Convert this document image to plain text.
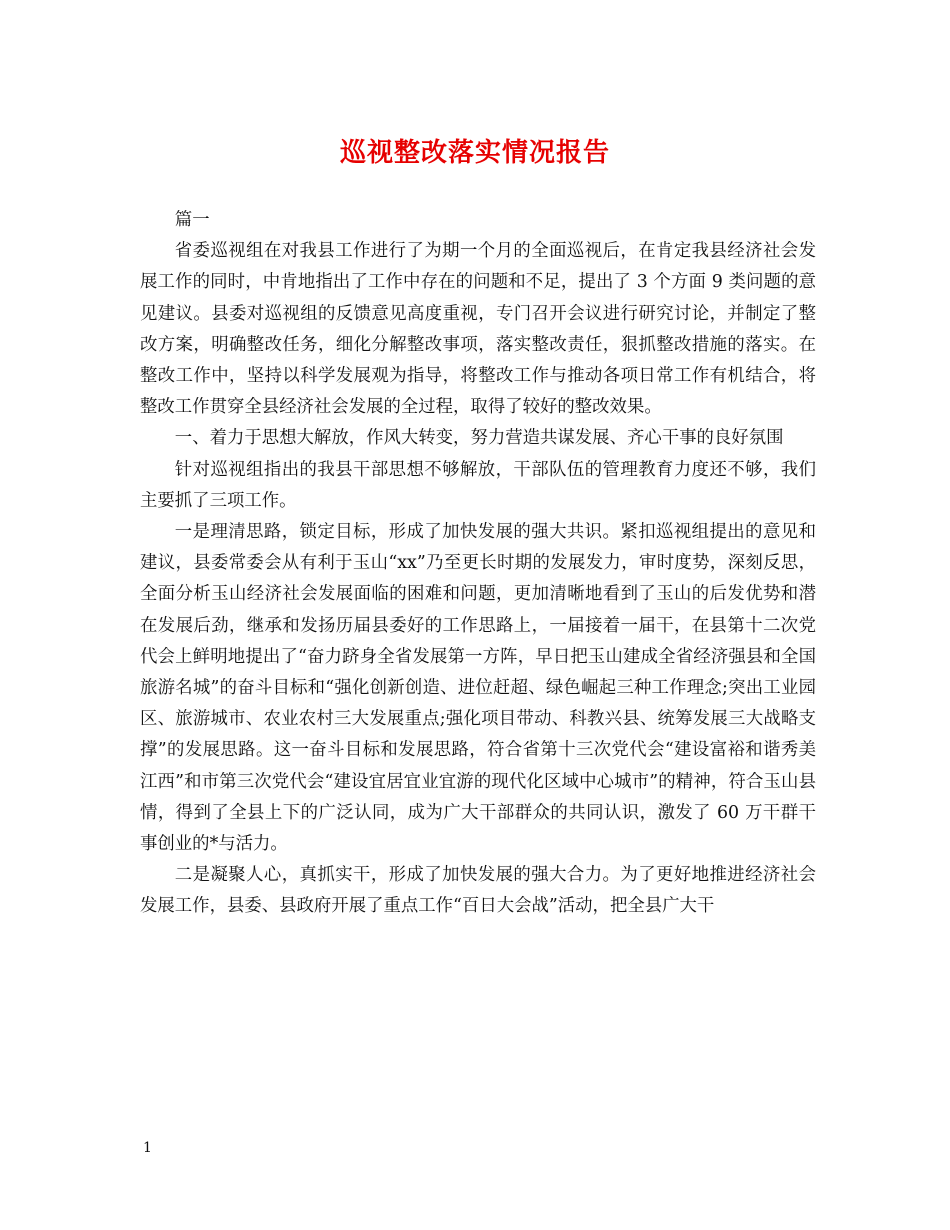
巡视整改落实情况报告

篇一

省委巡视组在对我县工作进行了为期一个月的全面巡视后，在肯定我县经济社会发展工作的同时，中肯地指出了工作中存在的问题和不足，提出了 3 个方面 9 类问题的意见建议。县委对巡视组的反馈意见高度重视，专门召开会议进行研究讨论，并制定了整改方案，明确整改任务，细化分解整改事项，落实整改责任，狠抓整改措施的落实。在整改工作中，坚持以科学发展观为指导，将整改工作与推动各项日常工作有机结合，将整改工作贯穿全县经济社会发展的全过程，取得了较好的整改效果。

一、着力于思想大解放，作风大转变，努力营造共谋发展、齐心干事的良好氛围

针对巡视组指出的我县干部思想不够解放，干部队伍的管理教育力度还不够，我们主要抓了三项工作。

一是理清思路，锁定目标，形成了加快发展的强大共识。紧扣巡视组提出的意见和建议，县委常委会从有利于玉山“xx”乃至更长时期的发展发力，审时度势，深刻反思，全面分析玉山经济社会发展面临的困难和问题，更加清晰地看到了玉山的后发优势和潜在发展后劲，继承和发扬历届县委好的工作思路上，一届接着一届干，在县第十二次党代会上鲜明地提出了“奋力跻身全省发展第一方阵，早日把玉山建成全省经济强县和全国旅游名城”的奋斗目标和“强化创新创造、进位赶超、绿色崛起三种工作理念;突出工业园区、旅游城市、农业农村三大发展重点;强化项目带动、科教兴县、统筹发展三大战略支撑”的发展思路。这一奋斗目标和发展思路，符合省第十三次党代会“建设富裕和谐秀美江西”和市第三次党代会“建设宜居宜业宜游的现代化区域中心城市”的精神，符合玉山县情，得到了全县上下的广泛认同，成为广大干部群众的共同认识，激发了 60 万干群干事创业的*与活力。

二是凝聚人心，真抓实干，形成了加快发展的强大合力。为了更好地推进经济社会发展工作，县委、县政府开展了重点工作“百日大会战”活动，把全县广大干

1
